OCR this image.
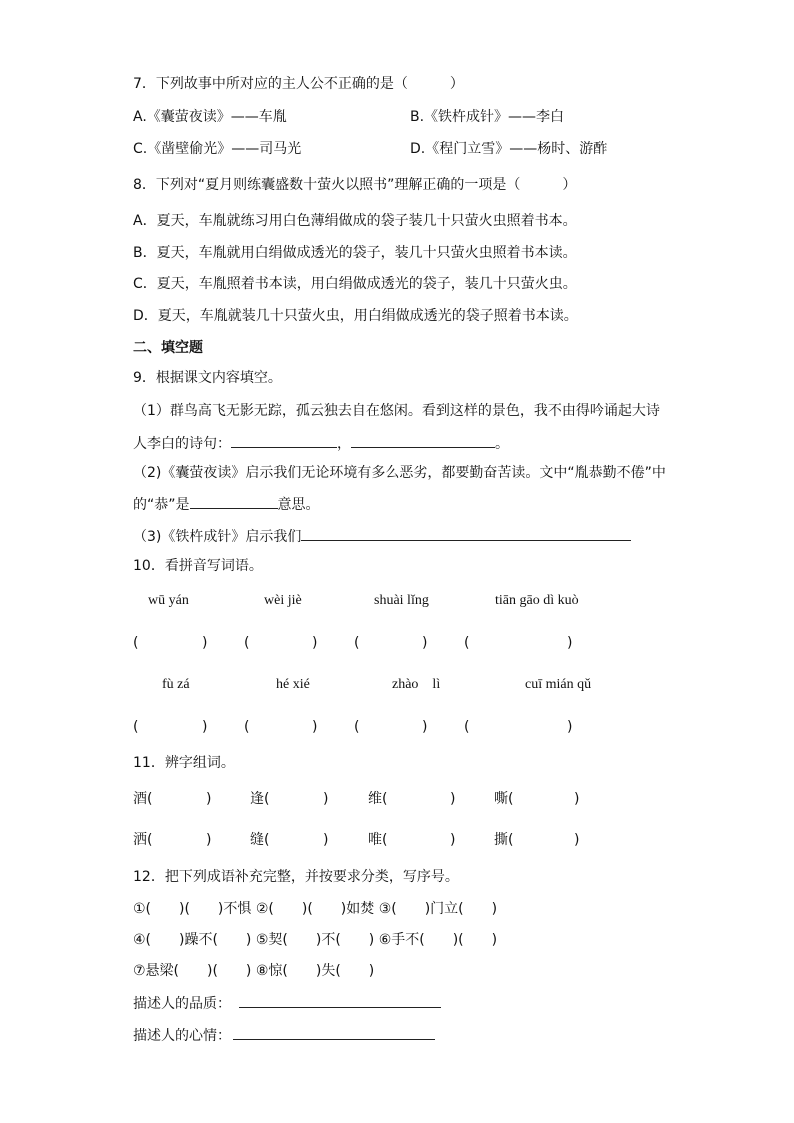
7．下列故事中所对应的主人公不正确的是（　　　）
A.《囊萤夜读》——车胤	B.《铁杵成针》——李白
C.《凿壁偷光》——司马光	D.《程门立雪》——杨时、游酢
8．下列对“夏月则练囊盛数十萤火以照书”理解正确的一项是（　　　）
A．夏天，车胤就练习用白色薄绢做成的袋子装几十只萤火虫照着书本。
B．夏天，车胤就用白绢做成透光的袋子，装几十只萤火虫照着书本读。
C．夏天，车胤照着书本读，用白绢做成透光的袋子，装几十只萤火虫。
D．夏天，车胤就装几十只萤火虫，用白绢做成透光的袋子照着书本读。
二、填空题
9．根据课文内容填空。
（1）群鸟高飞无影无踪，孤云独去自在悠闲。看到这样的景色，我不由得吟诵起大诗
人李白的诗句：	，	。
（2)《囊萤夜读》启示我们无论环境有多么恶劣，都要勤奋苦读。文中“胤恭勤不倦”中
的“恭”是	意思。
（3)《铁杵成针》启示我们
10．看拼音写词语。
wū yán	wèi jiè	shuài lǐng	tiān gāo dì kuò
(	)	(	)	(	)	(	)
fù zá	hé xié	zhào　lì	cuī mián qǔ
(	)	(	)	(	)	(	)
11．辨字组词。
酒(	)	逢(	)	维(	)	嘶(	)
洒(	)	缝(	)	唯(	)	撕(	)
12．把下列成语补充完整，并按要求分类，写序号。
①(　　)(　　)不惧 ②(　　)(　　)如焚 ③(　　)门立(　　)
④(　　)躁不(　　) ⑤契(　　)不(　　) ⑥手不(　　)(　　)
⑦悬梁(　　)(　　) ⑧惊(　　)失(　　)
描述人的品质：
描述人的心情：
